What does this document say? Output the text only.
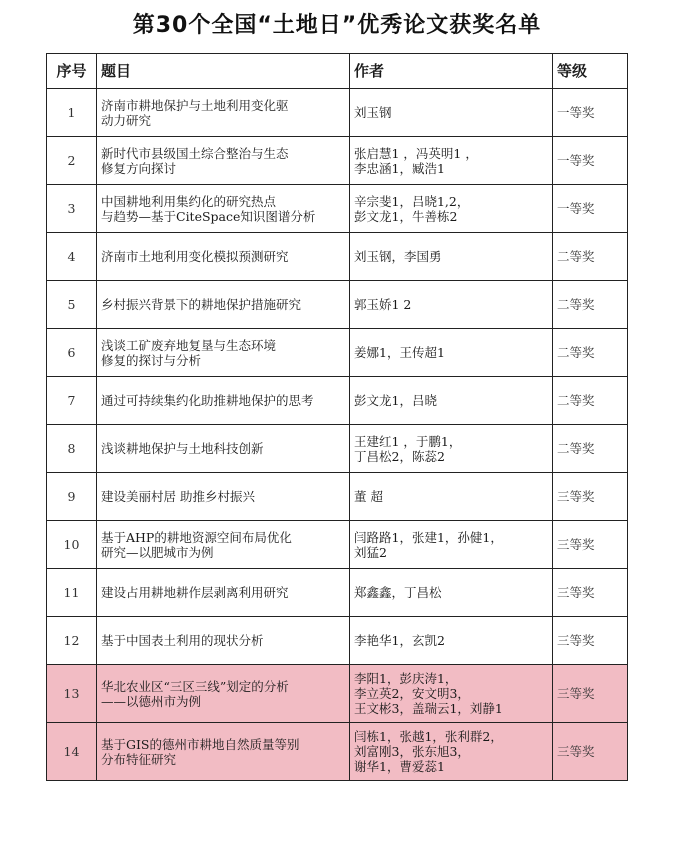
第30个全国“土地日”优秀论文获奖名单
序号	题目	作者	等级
1	济南市耕地保护与土地利用变化驱
动力研究	刘玉钢	一等奖
2	新时代市县级国土综合整治与生态
修复方向探讨	张启慧1 ，冯英明1 ，
李忠涵1，臧浩1	一等奖
3	中国耕地利用集约化的研究热点
与趋势—基于CiteSpace知识图谱分析	辛宗斐1，吕晓1,2，
彭文龙1，牛善栋2	一等奖
4	济南市土地利用变化模拟预测研究	刘玉钢，李国勇	二等奖
5	乡村振兴背景下的耕地保护措施研究	郭玉娇1 2	二等奖
6	浅谈工矿废弃地复垦与生态环境
修复的探讨与分析	姜娜1，王传超1	二等奖
7	通过可持续集约化助推耕地保护的思考	彭文龙1，吕晓	二等奖
8	浅谈耕地保护与土地科技创新	王建红1 ，于鹏1，
丁昌松2，陈蕊2	二等奖
9	建设美丽村居 助推乡村振兴	董 超	三等奖
10	基于AHP的耕地资源空间布局优化
研究—以肥城市为例	闫路路1，张建1，孙健1，
刘猛2	三等奖
11	建设占用耕地耕作层剥离利用研究	郑鑫鑫，丁昌松	三等奖
12	基于中国表土利用的现状分析	李艳华1，玄凯2	三等奖
13	华北农业区“三区三线”划定的分析
——以德州市为例	李阳1，彭庆涛1，
李立英2，安文明3，
王文彬3，盖瑞云1，刘静1	三等奖
14	基于GIS的德州市耕地自然质量等别
分布特征研究	闫栋1，张越1，张利群2，
刘富刚3，张东旭3，
谢华1，曹爱蕊1	三等奖
